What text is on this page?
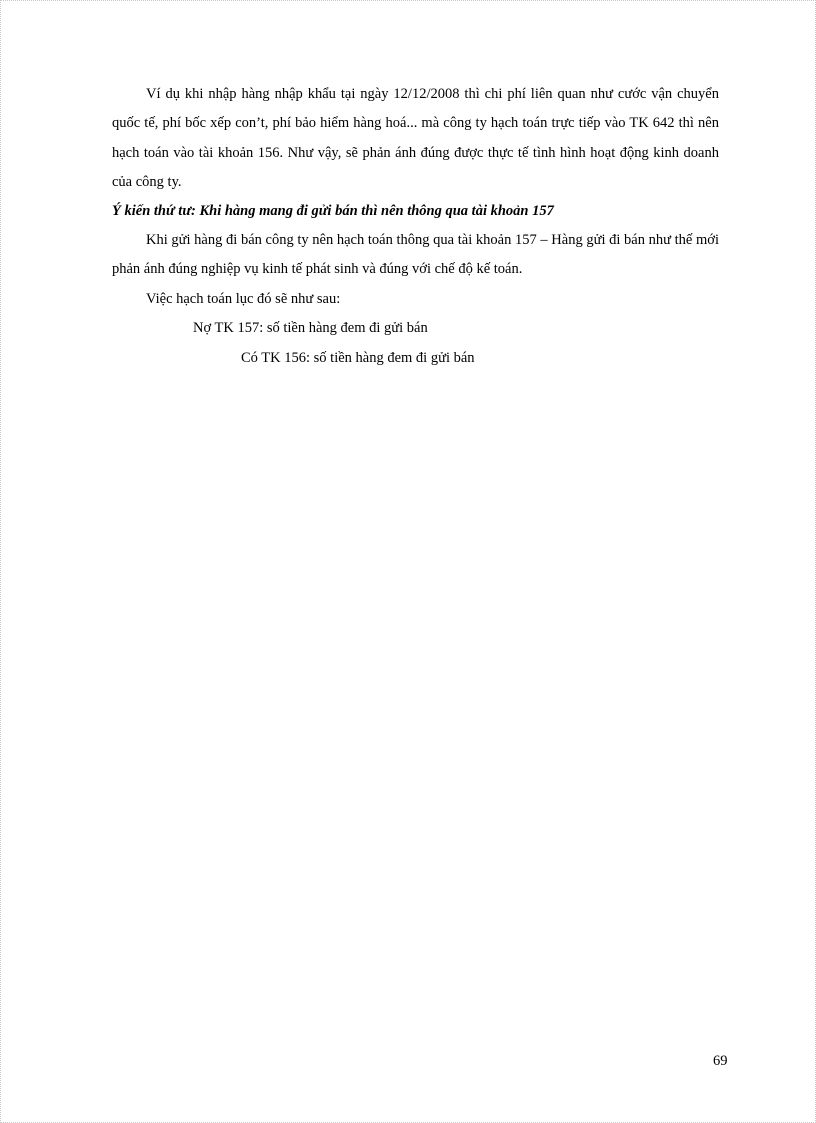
Ví dụ khi nhập hàng nhập khẩu tại ngày 12/12/2008 thì chi phí liên quan như cước vận chuyển quốc tế, phí bốc xếp con’t, phí bảo hiểm hàng hoá... mà công ty hạch toán trực tiếp vào TK 642 thì nên hạch toán vào tài khoản 156. Như vậy, sẽ phản ánh đúng được thực tế tình hình hoạt động kinh doanh của công ty.

Ý kiến thứ tư: Khi hàng mang đi gửi bán thì nên thông qua tài khoản 157

Khi gửi hàng đi bán công ty nên hạch toán thông qua tài khoản 157 – Hàng gửi đi bán như thế mới phản ánh đúng nghiệp vụ kinh tế phát sinh và đúng với chế độ kế toán.

Việc hạch toán lục đó sẽ như sau:

Nợ TK 157: số tiền hàng đem đi gửi bán

Có TK 156: số tiền hàng đem đi gửi bán

69
